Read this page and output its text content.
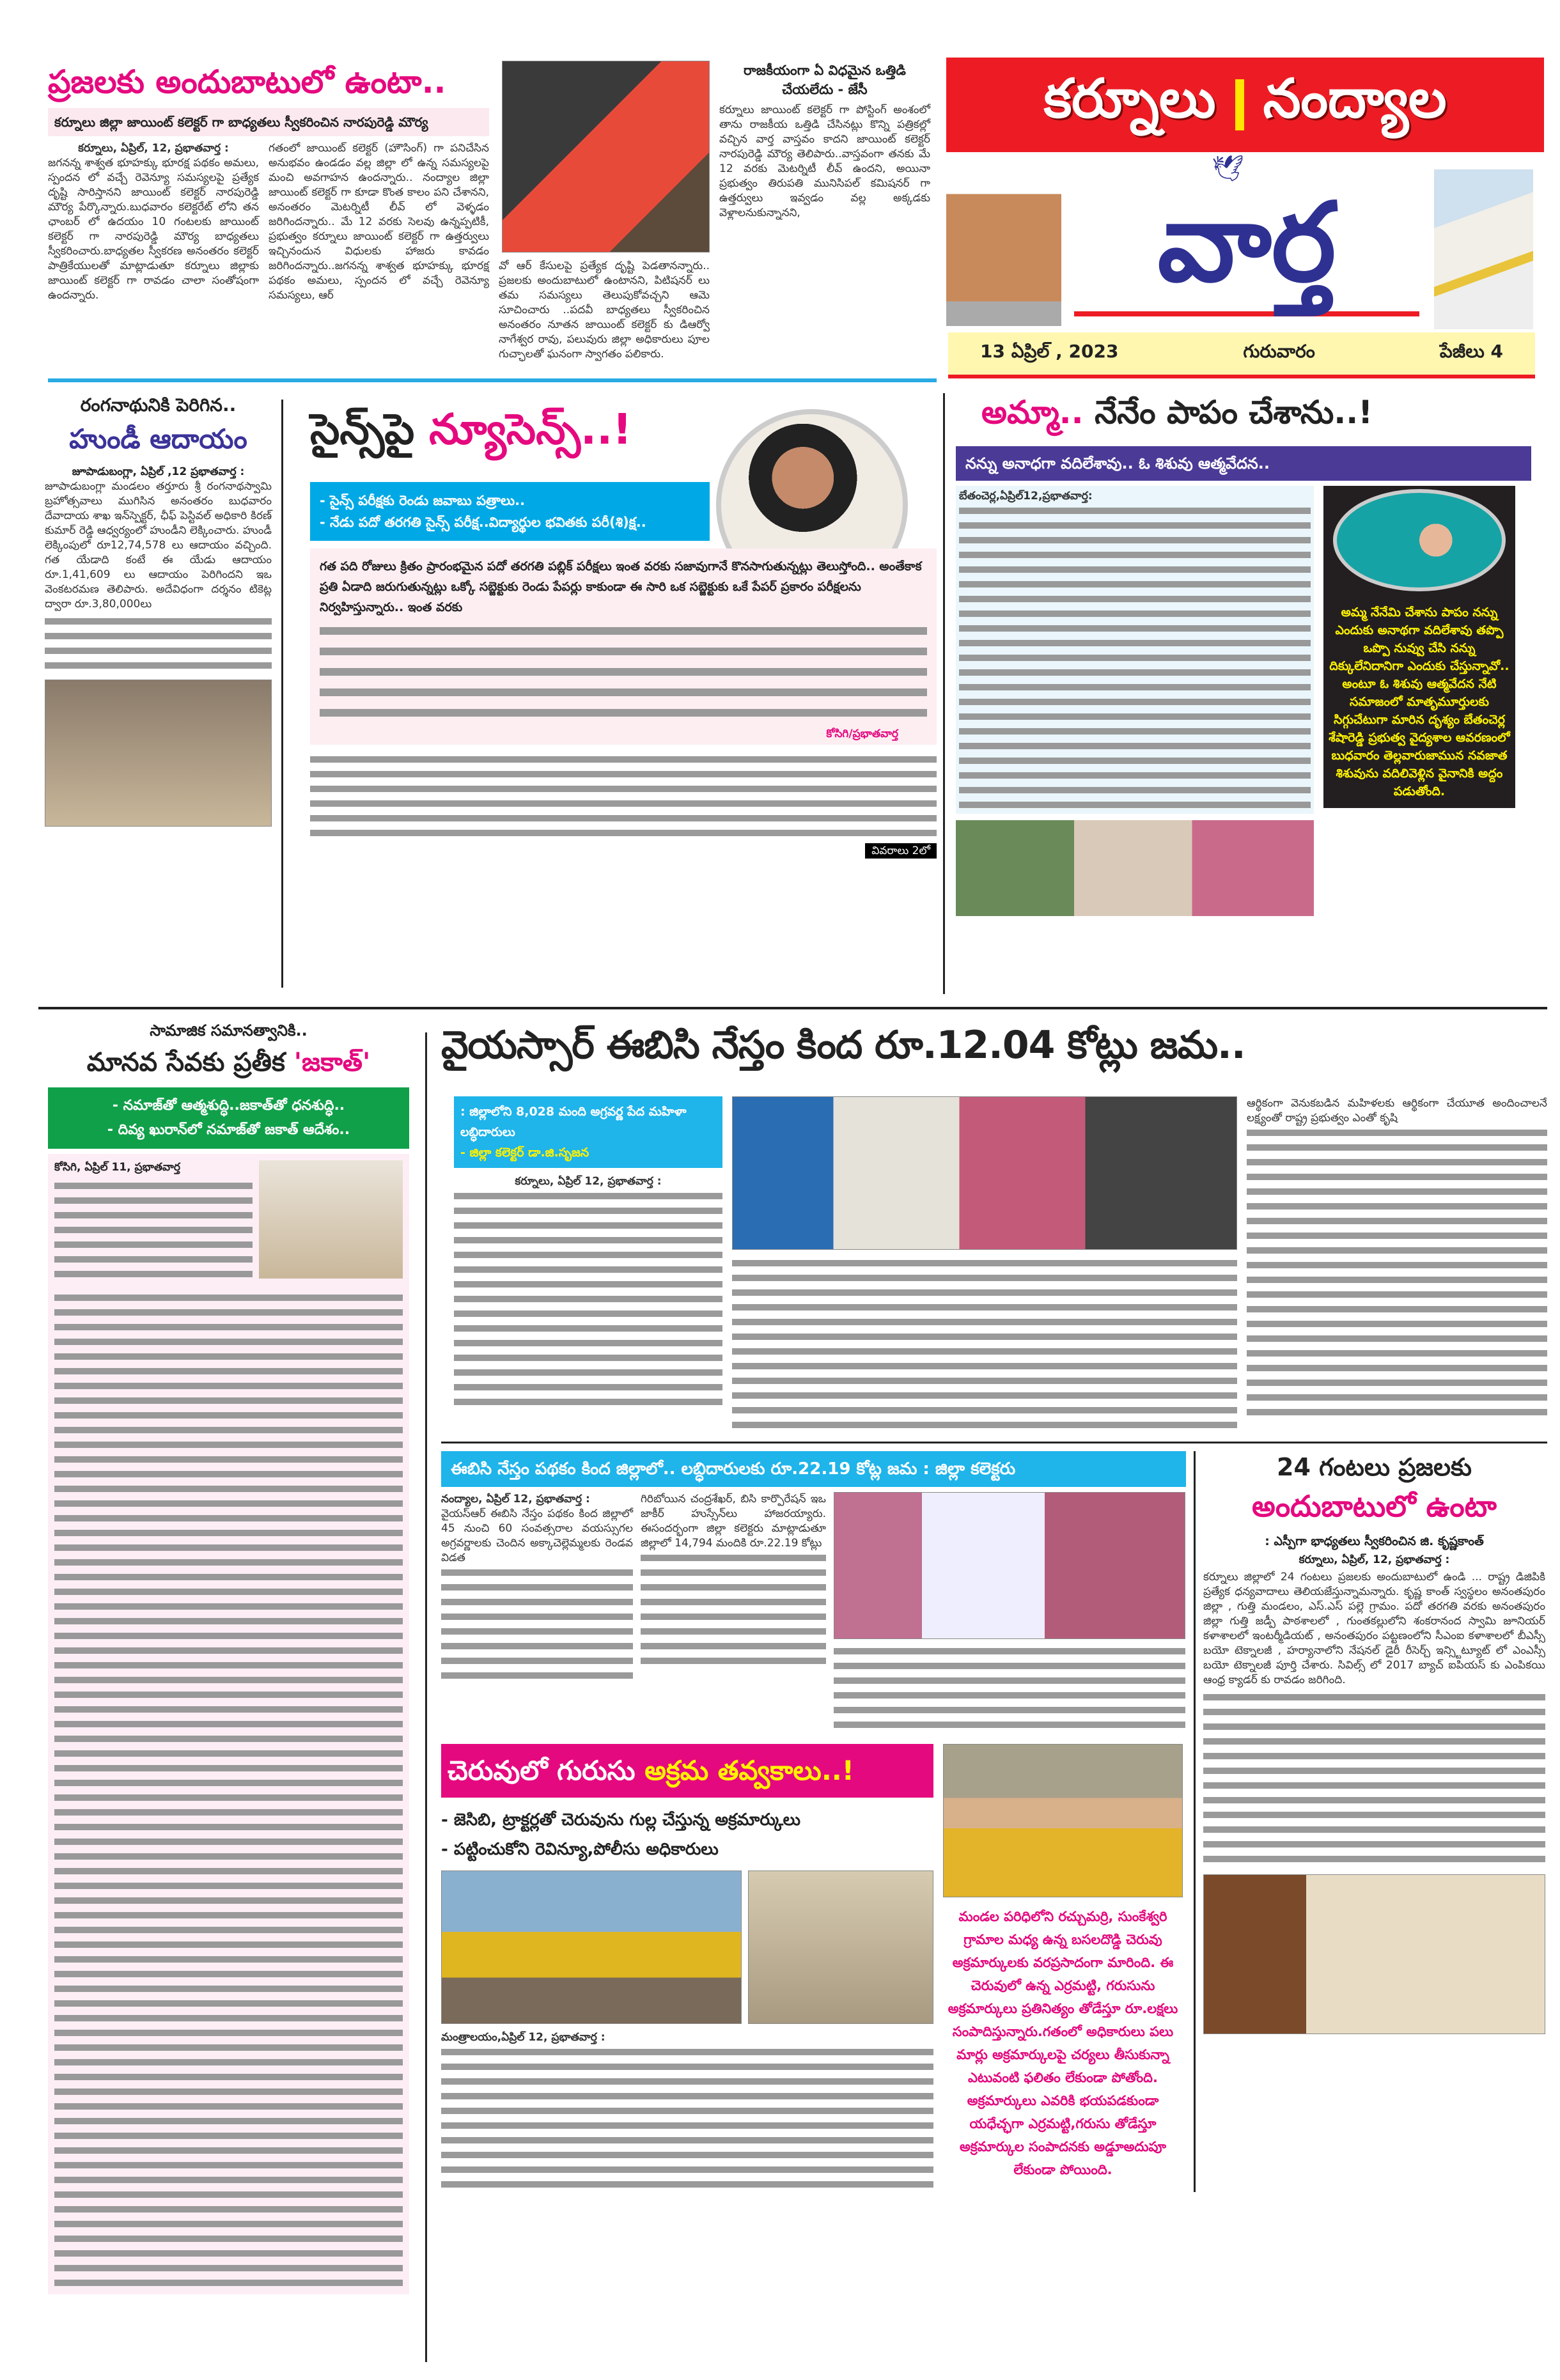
ప్రజలకు అందుబాటులో ఉంటా..
కర్నూలు జిల్లా జాయింట్ కలెక్టర్ గా బాధ్యతలు స్వీకరించిన నారపురెడ్డి మౌర్య
కర్నూలు, ఏప్రిల్, 12, ప్రభాతవార్త :
జగనన్న శాశ్వత భూహక్కు భూరక్ష పథకం అమలు, స్పందన లో వచ్చే రెవెన్యూ సమస్యలపై ప్రత్యేక దృష్టి సారిస్తానని జాయింట్ కలెక్టర్ నారపురెడ్డి మౌర్య పేర్కొన్నారు.బుధవారం కలెక్టరేట్ లోని తన ఛాంబర్ లో ఉదయం 10 గంటలకు జాయింట్ కలెక్టర్ గా నారపురెడ్డి మౌర్య బాధ్యతలు స్వీకరించారు.బాధ్యతల స్వీకరణ అనంతరం కలెక్టర్ పాత్రికేయులతో మాట్లాడుతూ కర్నూలు జిల్లాకు జాయింట్ కలెక్టర్ గా రావడం చాలా సంతోషంగా ఉందన్నారు.
గతంలో జాయింట్ కలెక్టర్ (హౌసింగ్) గా పనిచేసిన అనుభవం ఉండడం వల్ల జిల్లా లో ఉన్న సమస్యలపై మంచి అవగాహన ఉందన్నారు.. నంద్యాల జిల్లా జాయింట్ కలెక్టర్ గా కూడా కొంత కాలం పని చేశానని, అనంతరం మెటర్నిటీ లీవ్ లో వెళ్ళడం జరిగిందన్నారు.. మే 12 వరకు సెలవు ఉన్నప్పటికీ, ప్రభుత్వం కర్నూలు జాయింట్ కలెక్టర్ గా ఉత్తర్వులు ఇచ్చినందున విధులకు హాజరు కావడం జరిగిందన్నారు..జగనన్న శాశ్వత భూహక్కు భూరక్ష పథకం అమలు, స్పందన లో వచ్చే రెవెన్యూ సమస్యలు, ఆర్
వో ఆర్ కేసులపై ప్రత్యేక దృష్టి పెడతానన్నారు.. ప్రజలకు అందుబాటులో ఉంటానని, పిటిషనర్ లు తమ సమస్యలు తెలుపుకోవచ్చని ఆమె సూచించారు ..పదవీ బాధ్యతలు స్వీకరించిన అనంతరం నూతన జాయింట్ కలెక్టర్ కు డిఆర్వో నాగేశ్వర రావు, పలువురు జిల్లా అధికారులు పూల గుచ్ఛాలతో ఘనంగా స్వాగతం పలికారు.
రాజకీయంగా ఏ విధమైన ఒత్తిడి చేయలేదు - జేసీ
కర్నూలు జాయింట్ కలెక్టర్ గా పోస్టింగ్ అంశంలో తాను రాజకీయ ఒత్తిడి చేసినట్లు కొన్ని పత్రికల్లో వచ్చిన వార్త వాస్తవం కాదని జాయింట్ కలెక్టర్ నారపురెడ్డి మౌర్య తెలిపారు..వాస్తవంగా తనకు మే 12 వరకు మెటర్నిటీ లీవ్ ఉందని, అయినా ప్రభుత్వం తిరుపతి మునిసిపల్ కమిషనర్ గా ఉత్తర్వులు ఇవ్వడం వల్ల అక్కడకు వెళ్లాలనుకున్నానని,
కర్నూలు నంద్యాల
🕊
వార్త
13 ఏప్రిల్ , 2023	గురువారం	పేజీలు 4
రంగనాథునికి పెరిగిన..
హుండీ ఆదాయం
జూపాడుబంగ్లా, ఏప్రిల్ ,12 ప్రభాతవార్త :
జూపాడుబంగ్లా మండలం తర్తూరు శ్రీ రంగనాథస్వామి బ్రహోత్సవాలు ముగిసిన అనంతరం బుధవారం దేవాదాయ శాఖ ఇన్‌స్పెక్టర్, ఛీఫ్ పెస్టివల్ అధికారి కిరణ్ కుమార్ రెడ్డి ఆధ్వర్యంలో హుండీని లెక్కించారు. హుండీ లెక్కింపులో రూ12,74,578 లు ఆదాయం వచ్చింది. గత యేడాది కంటే ఈ యేడు ఆదాయం రూ.1,41,609 లు ఆదాయం పెరిగిందని ఇఒ వెంకటరమణ తెలిపారు. అదేవిధంగా దర్శనం టికెట్ల ద్వారా రూ.3,80,000లు
సైన్స్‌పై న్యూసెన్స్..!
- సైన్స్ పరీక్షకు రెండు జవాబు పత్రాలు..
- నేడు పదో తరగతి సైన్స్ పరీక్ష..విద్యార్థుల భవితకు పరీ(శి)క్ష..
గత పది రోజులు క్రితం ప్రారంభమైన పదో తరగతి పబ్లిక్ పరీక్షలు ఇంత వరకు సజావుగానే కొనసాగుతున్నట్లు తెలుస్తోంది.. అంతేకాక ప్రతి ఏడాది జరుగుతున్నట్లు ఒక్కో సబ్జెక్టుకు రెండు పేపర్లు కాకుండా ఈ సారి ఒక సబ్జెక్టుకు ఒకే పేపర్ ప్రకారం పరీక్షలను నిర్వహిస్తున్నారు.. ఇంత వరకు
కోసిగి/ప్రభాతవార్త
వివరాలు 2లో
అమ్మా.. నేనేం పాపం చేశాను..!
నన్ను అనాధగా వదిలేశావు.. ఓ శిశువు ఆత్మవేదన..
బేతంచెర్ల,ఏప్రిల్12,ప్రభాతవార్త:
అమ్మ నేనేమి చేశాను పాపం నన్ను ఎందుకు అనాథగా వదిలేశావు తప్పొ ఒప్పొ నువ్వు చేసి నన్ను దిక్కులేనిదానిగా ఎందుకు చేస్తున్నావో.. అంటూ ఓ శిశువు ఆత్మవేదన నేటి సమాజంలో మాతృమూర్తులకు సిగ్గుచేటుగా మారిన దృశ్యం బేతంచెర్ల శేషారెడ్డి ప్రభుత్వ వైద్యశాల ఆవరణంలో బుధవారం తెల్లవారుజామున నవజాత శిశువును వదిలివెళ్లిన వైనానికి అద్దం పడుతోంది.
సామాజిక సమానత్వానికి..
మానవ సేవకు ప్రతీక 'జకాత్'
- నమాజ్‌తో ఆత్మశుద్ధి..జకాత్‌తో ధనశుద్ధి..
- దివ్య ఖురాన్‌లో నమాజ్‌తో జకాత్ ఆదేశం..
కోసిగి, ఏప్రిల్ 11, ప్రభాతవార్త
వైయస్సార్ ఈబిసి నేస్తం కింద రూ.12.04 కోట్లు జమ..
: జిల్లాలోని 8,028 మంది అగ్రవర్ణ పేద మహిళా లబ్ధిదారులు
- జిల్లా కలెక్టర్ డా.జి.సృజన
కర్నూలు, ఏప్రిల్ 12, ప్రభాతవార్త :
ఆర్థికంగా వెనుకబడిన మహిళలకు ఆర్థికంగా చేయూత అందించాలనే లక్ష్యంతో రాష్ట్ర ప్రభుత్వం ఎంతో కృషి
ఈబిసి నేస్తం పథకం కింద జిల్లాలో.. లబ్ధిదారులకు రూ.22.19 కోట్ల జమ : జిల్లా కలెక్టరు
నంద్యాల, ఏప్రిల్ 12, ప్రభాతవార్త :
వైయస్ఆర్ ఈబిసి నేస్తం పథకం కింద జిల్లాలో 45 నుంచి 60 సంవత్సరాల వయస్సుగల అగ్రవర్ణాలకు చెందిన అక్కాచెల్లెమ్మలకు రెండవ విడత
గిరిబోయిన చంద్రశేఖర్, బిసి కార్పొరేషన్ ఇఒ జాకీర్ హుస్సేన్‌లు హాజరయ్యారు. ఈసందర్భంగా జిల్లా కలెక్టరు మాట్లాడుతూ జిల్లాలో 14,794 మందికి రూ.22.19 కోట్లు
చెరువులో గురుసు అక్రమ తవ్వకాలు..!
- జెసిబి, ట్రాక్టర్లతో చెరువును గుల్ల చేస్తున్న అక్రమార్కులు
- పట్టించుకోని రెవిన్యూ,పోలీసు అధికారులు
మంత్రాలయం,ఏప్రిల్ 12, ప్రభాతవార్త :
మండల పరిధిలోని రచ్చుమర్రి, సుంకేశ్వరి గ్రామాల మధ్య ఉన్న బసలదొడ్డి చెరువు అక్రమార్కులకు వరప్రసాదంగా మారింది. ఈ చెరువులో ఉన్న ఎర్రమట్టి, గరుసును అక్రమార్కులు ప్రతినిత్యం తోడేస్తూ రూ.లక్షలు సంపాదిస్తున్నారు.గతంలో అధికారులు పలు మార్లు అక్రమార్కులపై చర్యలు తీసుకున్నా ఎటువంటి ఫలితం లేకుండా పోతోంది. అక్రమార్కులు ఎవరికి భయపడకుండా యధేచ్ఛగా ఎర్రమట్టి,గరుసు తోడేస్తూ అక్రమార్కుల సంపాదనకు అడ్డూఅదుపూ లేకుండా పోయింది.
24 గంటలు ప్రజలకు
అందుబాటులో ఉంటా
: ఎస్పీగా భాధ్యతలు స్వీకరించిన జి. కృష్ణకాంత్
కర్నూలు, ఏప్రిల్, 12, ప్రభాతవార్త :
కర్నూలు జిల్లాలో 24 గంటలు ప్రజలకు అందుబాటులో ఉండి ... రాష్ట్ర డిజిపికి ప్రత్యేక ధన్యవాదాలు తెలియజేస్తున్నామన్నారు. కృష్ణ కాంత్ స్వస్థలం అనంతపురం జిల్లా , గుత్తి మండలం, ఎస్.ఎస్ పల్లె గ్రామం. పదో తరగతి వరకు అనంతపురం జిల్లా గుత్తి జడ్పీ పాఠశాలలో , గుంతకల్లులోని శంకరానంద స్వామి జూనియర్ కళాశాలలో ఇంటర్మీడియట్ , అనంతపురం పట్టణంలోని సీఎంఐ కళాశాలలో బీఎస్సీ బయో టెక్నాలజీ , హర్యానాలోని నేషనల్ డైరీ రీసెర్చ్ ఇన్స్టిట్యూట్ లో ఎంఎస్సీ బయో టెక్నాలజీ పూర్తి చేశారు. సివిల్స్ లో 2017 బ్యాచ్ ఐపియస్ కు ఎంపికయి ఆంధ్ర క్యాడర్ కు రావడం జరిగింది.
